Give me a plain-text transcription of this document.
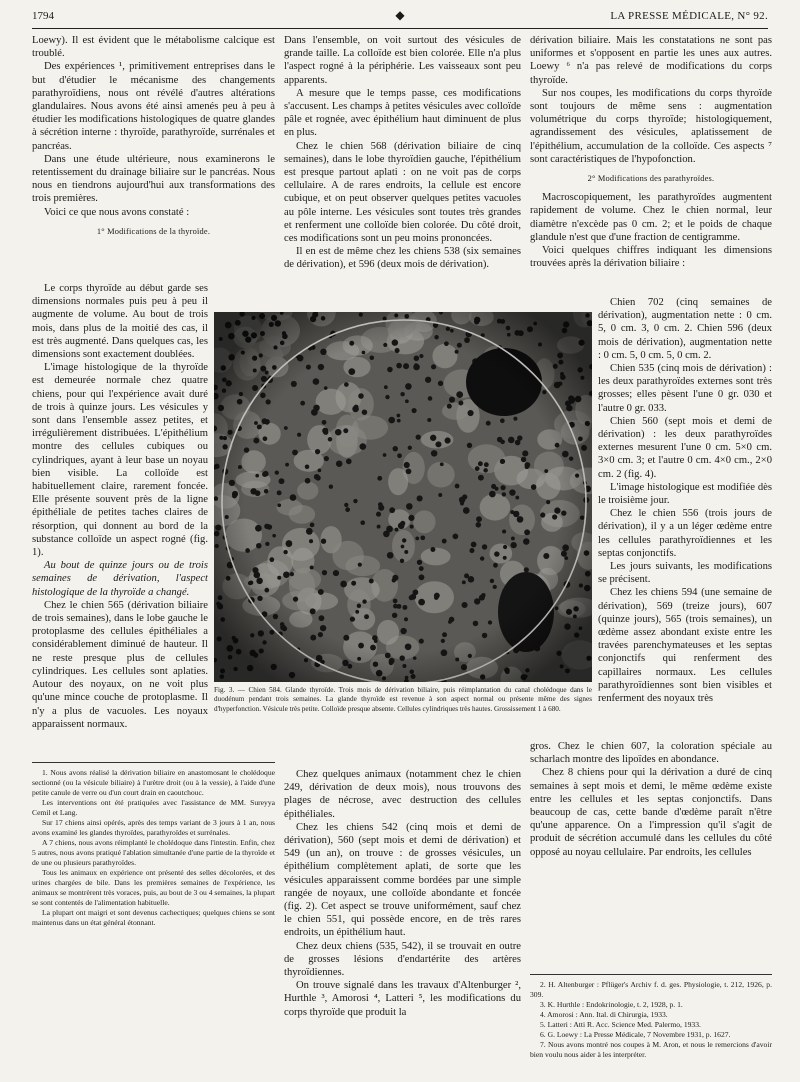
1794	◆	LA PRESSE MÉDICALE, N° 92.

Loewy). Il est évident que le métabolisme calcique est troublé.

Des expériences ¹, primitivement entreprises dans le but d'étudier le mécanisme des changements parathyroïdiens, nous ont révélé d'autres altérations glandulaires. Nous avons été ainsi amenés peu à peu à étudier les modifications histologiques de quatre glandes à sécrétion interne : thyroïde, parathyroïde, surrénales et pancréas.

Dans une étude ultérieure, nous examinerons le retentissement du drainage biliaire sur le pancréas. Nous nous en tiendrons aujourd'hui aux transformations des trois premières.

Voici ce que nous avons constaté :

1° Modifications de la thyroïde.

Le corps thyroïde au début garde ses dimensions normales puis peu à peu il augmente de volume. Au bout de trois mois, dans plus de la moitié des cas, il est très augmenté. Dans quelques cas, les dimensions sont exactement doublées.

L'image histologique de la thyroïde est demeurée normale chez quatre chiens, pour qui l'expérience avait duré de trois à quinze jours. Les vésicules y sont dans l'ensemble assez petites, et irrégulièrement distribuées. L'épithélium montre des cellules cubiques ou cylindriques, ayant à leur base un noyau bien visible. La colloïde est habituellement claire, rarement foncée. Elle présente souvent près de la ligne épithéliale de petites taches claires de résorption, qui donnent au bord de la substance colloïde un aspect rogné (fig. 1).

Au bout de quinze jours ou de trois semaines de dérivation, l'aspect histologique de la thyroïde a changé.

Chez le chien 565 (dérivation biliaire de trois semaines), dans le lobe gauche le protoplasme des cellules épithéliales a considérablement diminué de hauteur. Il ne reste presque plus de cellules cylindriques. Les cellules sont aplaties. Autour des noyaux, on ne voit plus qu'une mince couche de protoplasme. Il n'y a plus de vacuoles. Les noyaux apparaissent normaux.

Dans l'ensemble, on voit surtout des vésicules de grande taille. La colloïde est bien colorée. Elle n'a plus l'aspect rogné à la périphérie. Les vaisseaux sont peu apparents.

A mesure que le temps passe, ces modifications s'accusent. Les champs à petites vésicules avec colloïde pâle et rognée, avec épithélium haut diminuent de plus en plus.

Chez le chien 568 (dérivation biliaire de cinq semaines), dans le lobe thyroïdien gauche, l'épithélium est presque partout aplati : on ne voit pas de corps cellulaire. A de rares endroits, la cellule est encore cubique, et on peut observer quelques petites vacuoles au pôle interne. Les vésicules sont toutes très grandes et renferment une colloïde bien colorée. Du côté droit, ces modifications sont un peu moins prononcées.

Il en est de même chez les chiens 538 (six semaines de dérivation), et 596 (deux mois de dérivation).

Chez quelques animaux (notamment chez le chien 249, dérivation de deux mois), nous trouvons des plages de nécrose, avec destruction des cellules épithéliales.

Chez les chiens 542 (cinq mois et demi de dérivation), 560 (sept mois et demi de dérivation) et 549 (un an), on trouve : de grosses vésicules, un épithélium complètement aplati, de sorte que les vésicules apparaissent comme bordées par une simple rangée de noyaux, une colloïde abondante et foncée (fig. 2). Cet aspect se trouve uniformément, sauf chez le chien 551, qui possède encore, en de très rares endroits, un épithélium haut.

Chez deux chiens (535, 542), il se trouvait en outre de grosses lésions d'endartérite des artères thyroïdiennes.

On trouve signalé dans les travaux d'Altenburger ², Hurthle ³, Amorosi ⁴, Latteri ⁵, les modifications du corps thyroïde que produit la

dérivation biliaire. Mais les constatations ne sont pas uniformes et s'opposent en partie les unes aux autres. Loewy ⁶ n'a pas relevé de modifications du corps thyroïde.

Sur nos coupes, les modifications du corps thyroïde sont toujours de même sens : augmentation volumétrique du corps thyroïde; histologiquement, agrandissement des vésicules, aplatissement de l'épithélium, accumulation de la colloïde. Ces aspects ⁷ sont caractéristiques de l'hypofonction.

2° Modifications des parathyroïdes.

Macroscopiquement, les parathyroïdes augmentent rapidement de volume. Chez le chien normal, leur diamètre n'excède pas 0 cm. 2; et le poids de chaque glandule n'est que d'une fraction de centigramme.

Voici quelques chiffres indiquant les dimensions trouvées après la dérivation biliaire :

Chien 702 (cinq semaines de dérivation), augmentation nette : 0 cm. 5, 0 cm. 3, 0 cm. 2. Chien 596 (deux mois de dérivation), augmentation nette : 0 cm. 5, 0 cm. 5, 0 cm. 2.

Chien 535 (cinq mois de dérivation) : les deux parathyroïdes externes sont très grosses; elles pèsent l'une 0 gr. 030 et l'autre 0 gr. 033.

Chien 560 (sept mois et demi de dérivation) : les deux parathyroïdes externes mesurent l'une 0 cm. 5×0 cm. 3×0 cm. 3; et l'autre 0 cm. 4×0 cm., 2×0 cm. 2 (fig. 4).

L'image histologique est modifiée dès le troisième jour.

Chez le chien 556 (trois jours de dérivation), il y a un léger œdème entre les cellules parathyroïdiennes et les septas conjonctifs.

Les jours suivants, les modifications se précisent.

Chez les chiens 594 (une semaine de dérivation), 569 (treize jours), 607 (quinze jours), 565 (trois semaines), un œdème assez abondant existe entre les travées parenchymateuses et les septas conjonctifs qui renferment des capillaires normaux. Les cellules parathyroïdiennes sont bien visibles et renferment des noyaux très

gros. Chez le chien 607, la coloration spéciale au scharlach montre des lipoïdes en abondance.

Chez 8 chiens pour qui la dérivation a duré de cinq semaines à sept mois et demi, le même œdème existe entre les cellules et les septas conjonctifs. Dans beaucoup de cas, cette bande d'œdème paraît n'être qu'une apparence. On a l'impression qu'il s'agit de produit de sécrétion accumulé dans les cellules du côté opposé au noyau cellulaire. Par endroits, les cellules

Fig. 3. — Chien 584. Glande thyroïde. Trois mois de dérivation biliaire, puis réimplantation du canal cholédoque dans le duodénum pendant trois semaines. La glande thyroïde est revenue à son aspect normal ou présente même des signes d'hyperfonction. Vésicule très petite. Colloïde presque absente. Cellules cylindriques très hautes. Grossissement 1 à 680.

1. Nous avons réalisé la dérivation biliaire en anastomosant le cholédoque sectionné (ou la vésicule biliaire) à l'urètre droit (ou à la vessie), à l'aide d'une petite canule de verre ou d'un court drain en caoutchouc.

Les interventions ont été pratiquées avec l'assistance de MM. Sureyya Cemil et Lang.

Sur 17 chiens ainsi opérés, après des temps variant de 3 jours à 1 an, nous avons examiné les glandes thyroïdes, parathyroïdes et surrénales.

A 7 chiens, nous avons réimplanté le cholédoque dans l'intestin. Enfin, chez 5 autres, nous avons pratiqué l'ablation simultanée d'une partie de la thyroïde et de une ou plusieurs parathyroïdes.

Tous les animaux en expérience ont présenté des selles décolorées, et des urines chargées de bile. Dans les premières semaines de l'expérience, les animaux se montrèrent très voraces, puis, au bout de 3 ou 4 semaines, la plupart se sont contentés de l'alimentation habituelle.

La plupart ont maigri et sont devenus cachectiques; quelques chiens se sont maintenus dans un état général étonnant.

2. H. Altenburger : Pflüger's Archiv f. d. ges. Physiologie, t. 212, 1926, p. 309.

3. K. Hurthle : Endokrinologie, t. 2, 1928, p. 1.

4. Amorosi : Ann. Ital. di Chirurgia, 1933.

5. Latteri : Atti R. Acc. Science Med. Palermo, 1933.

6. G. Loewy : La Presse Médicale, 7 Novembre 1931, p. 1627.

7. Nous avons montré nos coupes à M. Aron, et nous le remercions d'avoir bien voulu nous aider à les interpréter.
